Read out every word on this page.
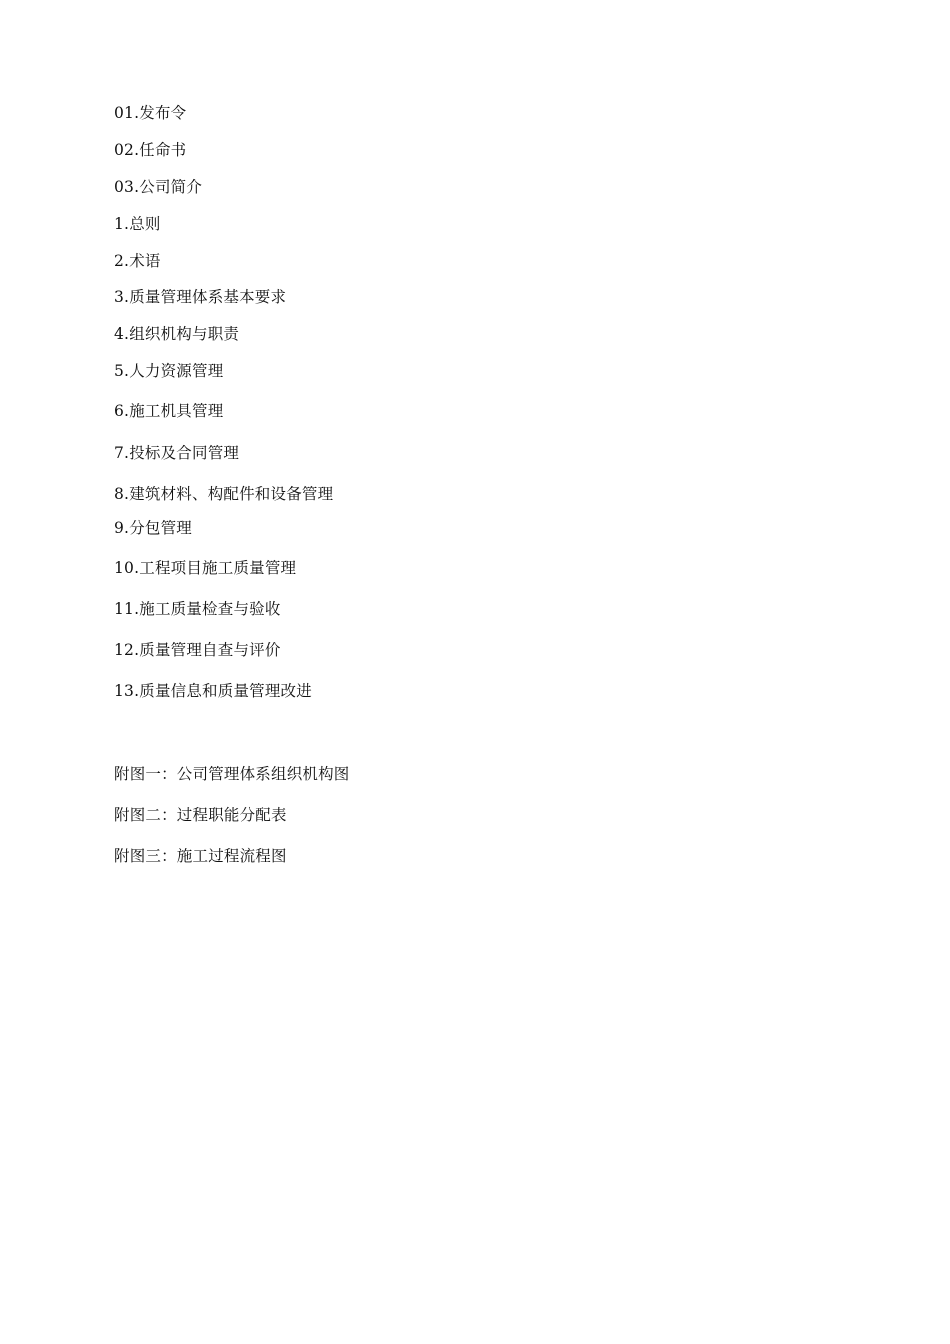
01.发布令
02.任命书
03.公司简介
1.总则
2.术语
3.质量管理体系基本要求
4.组织机构与职责
5.人力资源管理
6.施工机具管理
7.投标及合同管理
8.建筑材料、构配件和设备管理
9.分包管理
10.工程项目施工质量管理
11.施工质量检查与验收
12.质量管理自查与评价
13.质量信息和质量管理改进
附图一：公司管理体系组织机构图
附图二：过程职能分配表
附图三：施工过程流程图
